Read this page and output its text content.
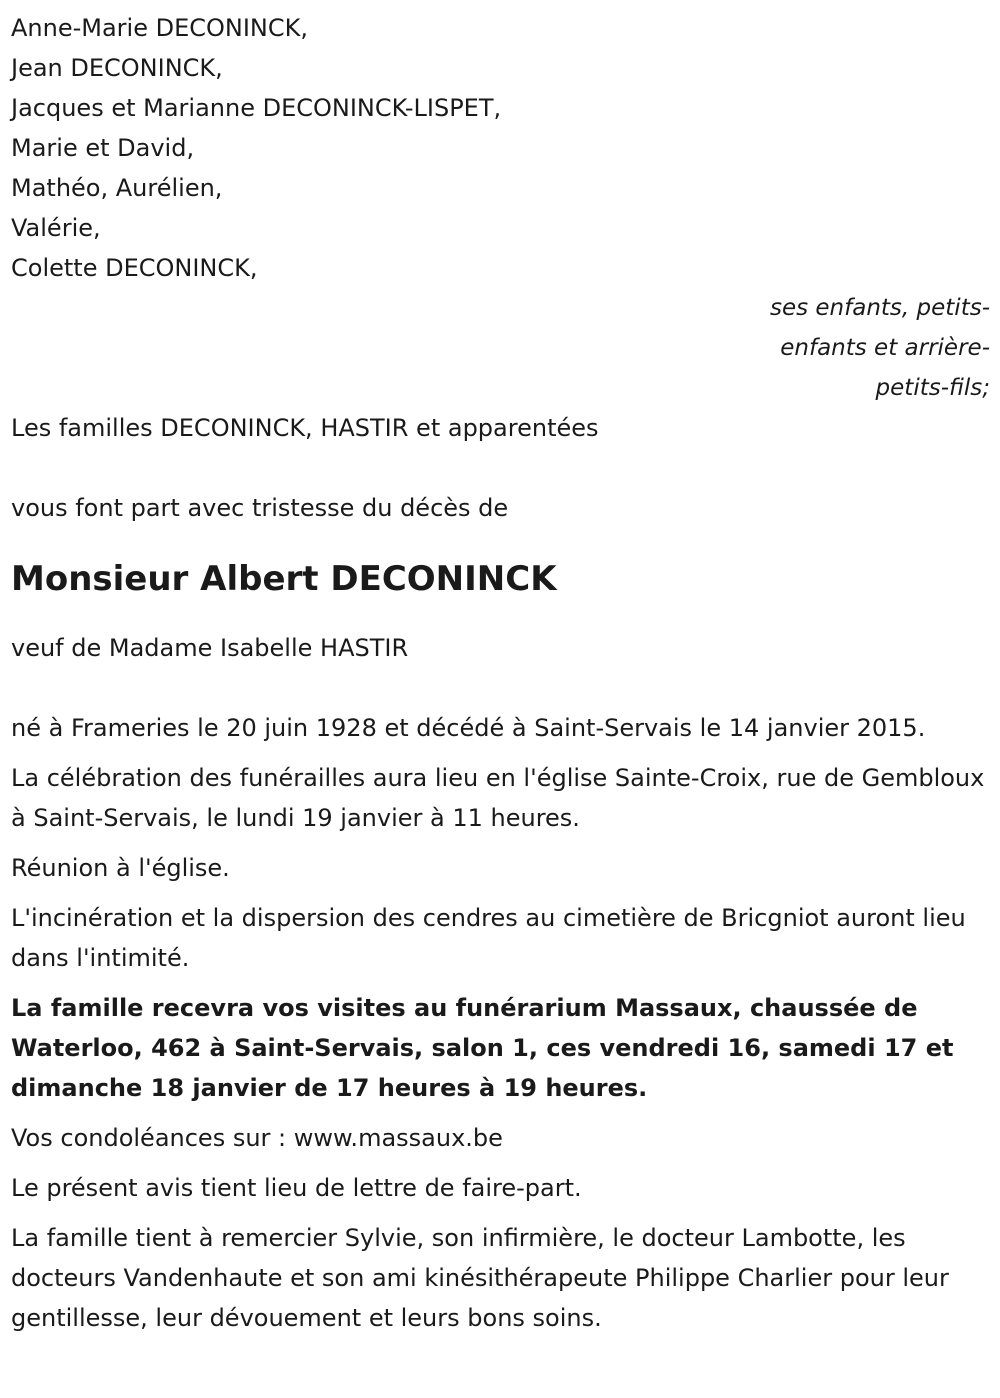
Anne-Marie DECONINCK,
Jean DECONINCK,
Jacques et Marianne DECONINCK-LISPET,
Marie et David,
Mathéo, Aurélien,
Valérie,
Colette DECONINCK,
ses enfants, petits-
enfants et arrière-
petits-fils;
Les familles DECONINCK, HASTIR et apparentées
vous font part avec tristesse du décès de
Monsieur Albert DECONINCK
veuf de Madame Isabelle HASTIR
né à Frameries le 20 juin 1928 et décédé à Saint-Servais le 14 janvier 2015.
La célébration des funérailles aura lieu en l'église Sainte-Croix, rue de Gembloux à Saint-Servais, le lundi 19 janvier à 11 heures.
Réunion à l'église.
L'incinération et la dispersion des cendres au cimetière de Bricgniot auront lieu dans l'intimité.
La famille recevra vos visites au funérarium Massaux, chaussée de Waterloo, 462 à Saint-Servais, salon 1, ces vendredi 16, samedi 17 et dimanche 18 janvier de 17 heures à 19 heures.
Vos condoléances sur : www.massaux.be
Le présent avis tient lieu de lettre de faire-part.
La famille tient à remercier Sylvie, son infirmière, le docteur Lambotte, les docteurs Vandenhaute et son ami kinésithérapeute Philippe Charlier pour leur gentillesse, leur dévouement et leurs bons soins.
